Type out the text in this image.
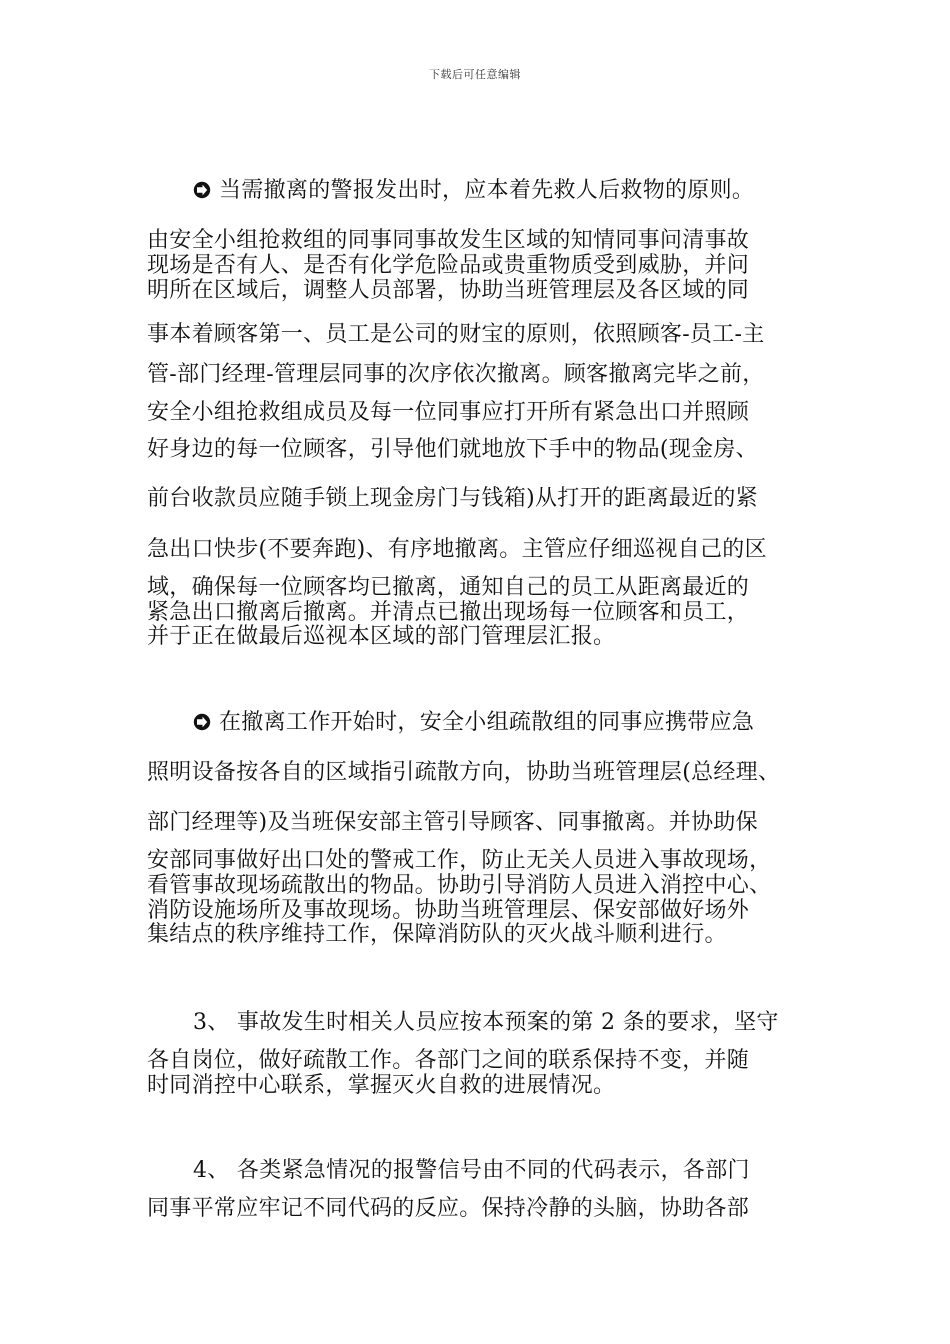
下载后可任意编辑
当需撤离的警报发出时，应本着先救人后救物的原则。
由安全小组抢救组的同事同事故发生区域的知情同事问清事故
现场是否有人、是否有化学危险品或贵重物质受到威胁，并问
明所在区域后，调整人员部署，协助当班管理层及各区域的同
事本着顾客第一、员工是公司的财宝的原则，依照顾客-员工-主
管-部门经理-管理层同事的次序依次撤离。顾客撤离完毕之前，
安全小组抢救组成员及每一位同事应打开所有紧急出口并照顾
好身边的每一位顾客，引导他们就地放下手中的物品(现金房、
前台收款员应随手锁上现金房门与钱箱)从打开的距离最近的紧
急出口快步(不要奔跑)、有序地撤离。主管应仔细巡视自己的区
域，确保每一位顾客均已撤离，通知自己的员工从距离最近的
紧急出口撤离后撤离。并清点已撤出现场每一位顾客和员工，
并于正在做最后巡视本区域的部门管理层汇报。
在撤离工作开始时，安全小组疏散组的同事应携带应急
照明设备按各自的区域指引疏散方向，协助当班管理层(总经理、
部门经理等)及当班保安部主管引导顾客、同事撤离。并协助保
安部同事做好出口处的警戒工作，防止无关人员进入事故现场，
看管事故现场疏散出的物品。协助引导消防人员进入消控中心、
消防设施场所及事故现场。协助当班管理层、保安部做好场外
集结点的秩序维持工作，保障消防队的灭火战斗顺利进行。
3、 事故发生时相关人员应按本预案的第 2 条的要求，坚守
各自岗位，做好疏散工作。各部门之间的联系保持不变，并随
时同消控中心联系，掌握灭火自救的进展情况。
4、 各类紧急情况的报警信号由不同的代码表示，各部门
同事平常应牢记不同代码的反应。保持冷静的头脑，协助各部
